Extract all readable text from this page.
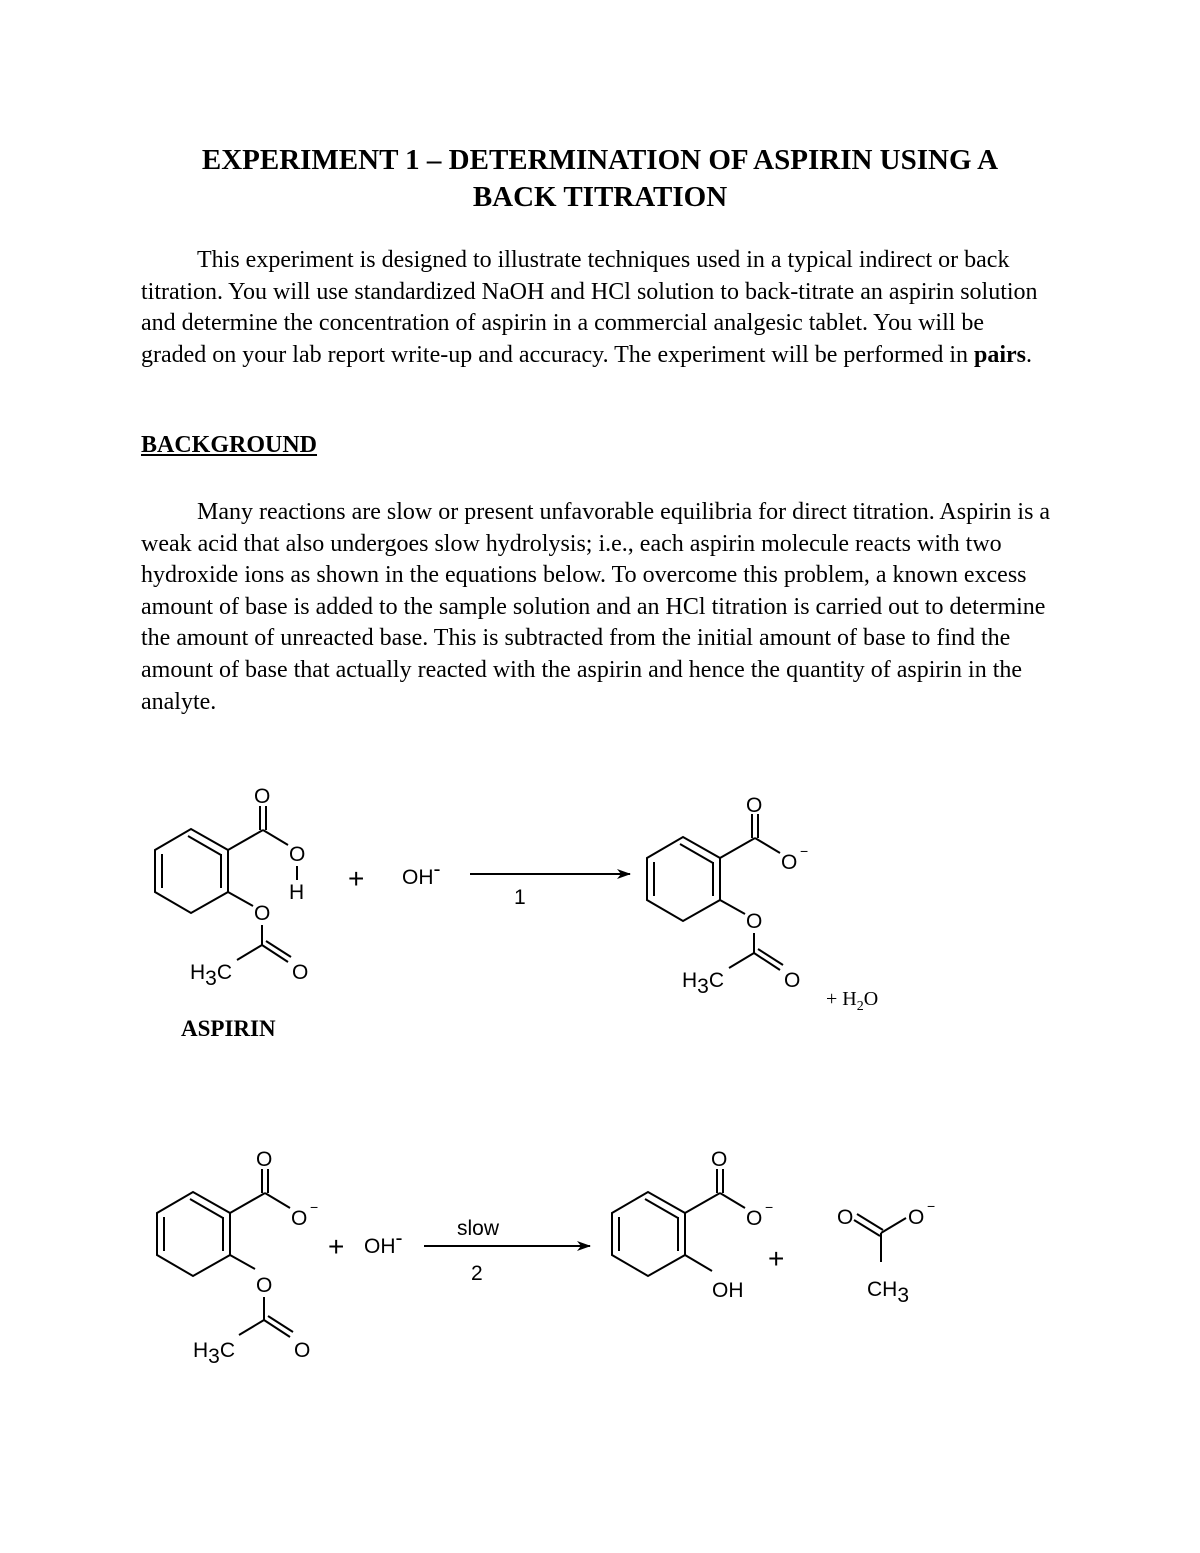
EXPERIMENT 1 – DETERMINATION OF ASPIRIN USING A
BACK TITRATION

This experiment is designed to illustrate techniques used in a typical indirect or back titration. You will use standardized NaOH and HCl solution to back-titrate an aspirin solution and determine the concentration of aspirin in a commercial analgesic tablet. You will be graded on your lab report write-up and accuracy. The experiment will be performed in pairs.

BACKGROUND

Many reactions are slow or present unfavorable equilibria for direct titration. Aspirin is a weak acid that also undergoes slow hydrolysis; i.e., each aspirin molecule reacts with two hydroxide ions as shown in the equations below. To overcome this problem, a known excess amount of base is added to the sample solution and an HCl titration is carried out to determine the amount of unreacted base. This is subtracted from the initial amount of base to find the amount of base that actually reacted with the aspirin and hence the quantity of aspirin in the analyte.

O
O
H
O
O
H3C
ASPIRIN
+ OH-
1
O
O −
O
O
H3C
+ $H_2O$
O
O −
O
O
H3C
+ OH-	slow
2
O
O −
OH
+
O	O −
CH3
